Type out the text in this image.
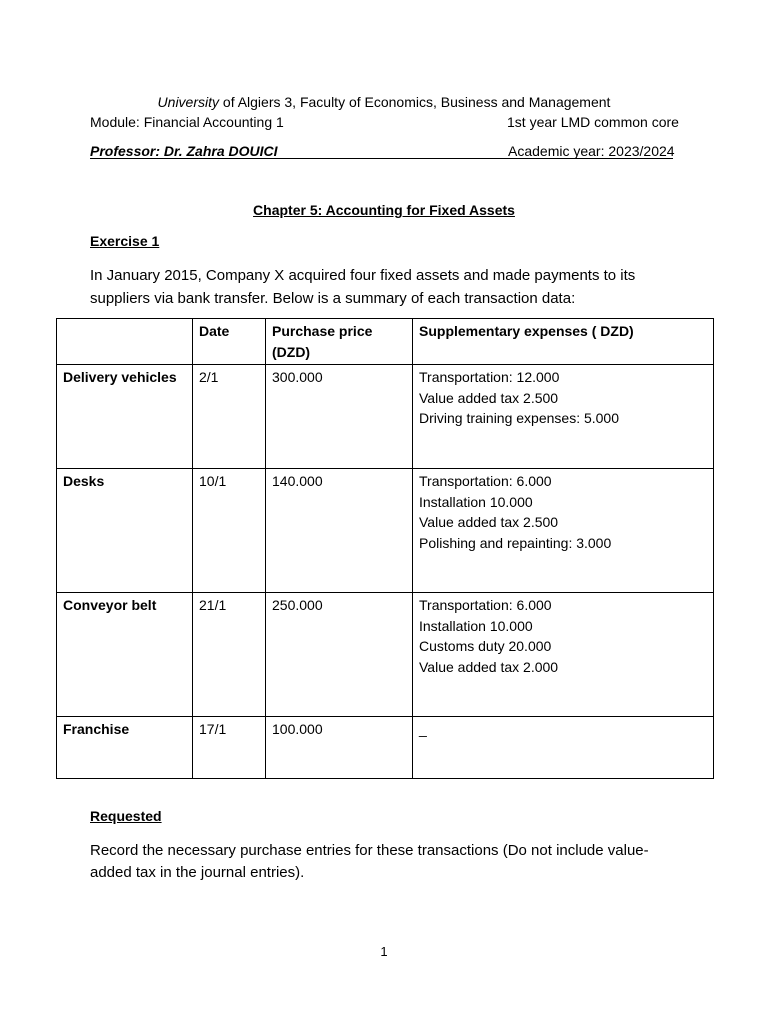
University of Algiers 3, Faculty of Economics, Business and Management
Module: Financial Accounting 1	1st year LMD common core
Professor: Dr. Zahra DOUICI	Academic year: 2023/2024
Chapter 5: Accounting for Fixed Assets
Exercise 1
In January 2015, Company X acquired four fixed assets and made payments to its
suppliers via bank transfer. Below is a summary of each transaction data:
	Date	Purchase price (DZD)	Supplementary expenses ( DZD)
Delivery vehicles	2/1	300.000	Transportation: 12.000
Value added tax 2.500
Driving training expenses: 5.000

Desks	10/1	140.000	Transportation: 6.000
Installation 10.000
Value added tax 2.500
Polishing and repainting: 3.000

Conveyor belt	21/1	250.000	Transportation: 6.000
Installation 10.000
Customs duty 20.000
Value added tax 2.000

Franchise	17/1	100.000	_
Requested
Record the necessary purchase entries for these transactions (Do not include value-
added tax in the journal entries).
1
